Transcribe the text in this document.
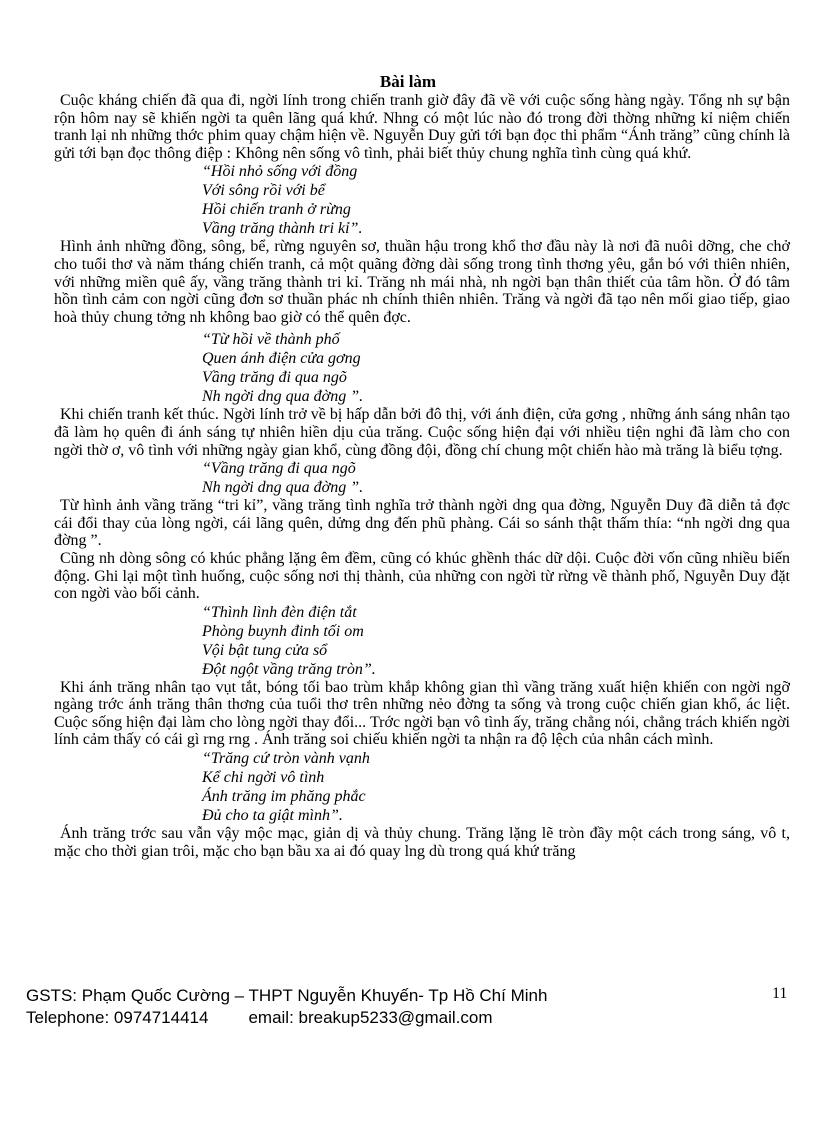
Bài làm

Cuộc kháng chiến đã qua đi, ngời lính trong chiến tranh giờ đây đã về với cuộc sống hàng ngày. Tổng nh sự bận rộn hôm nay sẽ khiến ngời ta quên lãng quá khứ. Nhng có một lúc nào đó trong đời thờng những kỉ niệm chiến tranh lại nh những thớc phim quay chậm hiện về. Nguyễn Duy gửi tới bạn đọc thi phẩm “Ánh trăng” cũng chính là gửi tới bạn đọc thông điệp : Không nên sống vô tình, phải biết thủy chung nghĩa tình cùng quá khứ.

“Hồi nhỏ sống với đồng
Với sông rồi với bể
Hồi chiến tranh ở rừng
Vầng trăng thành tri kỉ”.

Hình ảnh những đồng, sông, bể, rừng nguyên sơ, thuần hậu trong khổ thơ đầu này là nơi đã nuôi dỡng, che chở cho tuổi thơ và năm tháng chiến tranh, cả một quãng đờng dài sống trong tình thơng yêu, gắn bó với thiên nhiên, với những miền quê ấy, vầng trăng thành tri kỉ. Trăng nh mái nhà, nh ngời bạn thân thiết của tâm hồn. Ở đó tâm hồn tình cảm con ngời cũng đơn sơ thuần phác nh chính thiên nhiên. Trăng và ngời đã tạo nên mối giao tiếp, giao hoà thủy chung tởng nh không bao giờ có thể quên đợc.

“Từ hồi về thành phố
Quen ánh điện cửa gơng
Vầng trăng đi qua ngõ
Nh ngời dng qua đờng ”.

Khi chiến tranh kết thúc. Ngời lính trở về bị hấp dẫn bởi đô thị, với ánh điện, cửa gơng , những ánh sáng nhân tạo đã làm họ quên đi ánh sáng tự nhiên hiền dịu của trăng. Cuộc sống hiện đại với nhiều tiện nghi đã làm cho con ngời thờ ơ, vô tình với những ngày gian khổ, cùng đồng đội, đồng chí chung một chiến hào mà trăng là biểu tợng.

“Vầng trăng đi qua ngõ
Nh ngời dng qua đờng ”.

Từ hình ảnh vầng trăng “tri kỉ”, vầng trăng tình nghĩa trở thành ngời dng qua đờng, Nguyễn Duy đã diễn tả đợc cái đổi thay của lòng ngời, cái lãng quên, dửng dng đến phũ phàng. Cái so sánh thật thấm thía: “nh ngời dng qua đờng ”.

Cũng nh dòng sông có khúc phẳng lặng êm đềm, cũng có khúc ghềnh thác dữ dội. Cuộc đời vốn cũng nhiều biến động. Ghi lại một tình huống, cuộc sống nơi thị thành, của những con ngời từ rừng về thành phố, Nguyễn Duy đặt con ngời vào bối cảnh.

“Thình lình đèn điện tắt
Phòng buynh đinh tối om
Vội bật tung cửa sổ
Đột ngột vầng trăng tròn”.

Khi ánh trăng nhân tạo vụt tắt, bóng tối bao trùm khắp không gian thì vầng trăng xuất hiện khiến con ngời ngỡ ngàng trớc ánh trăng thân thơng của tuổi thơ trên những nẻo đờng ta sống và trong cuộc chiến gian khổ, ác liệt. Cuộc sống hiện đại làm cho lòng ngời thay đổi... Trớc ngời bạn vô tình ấy, trăng chẳng nói, chẳng trách khiến ngời lính cảm thấy có cái gì rng rng . Ánh trăng soi chiếu khiến ngời ta nhận ra độ lệch của nhân cách mình.

“Trăng cứ tròn vành vạnh
Kể chi ngời vô tình
Ánh trăng im phăng phắc
Đủ cho ta giật mình”.

Ánh trăng trớc sau vẫn vậy mộc mạc, giản dị và thủy chung. Trăng lặng lẽ tròn đầy một cách trong sáng, vô t, mặc cho thời gian trôi, mặc cho bạn bầu xa ai đó quay lng dù trong quá khứ trăng

GSTS: Phạm Quốc Cường – THPT Nguyễn Khuyến- Tp Hồ Chí Minh
Telephone: 0974714414 email: breakup5233@gmail.com
11
